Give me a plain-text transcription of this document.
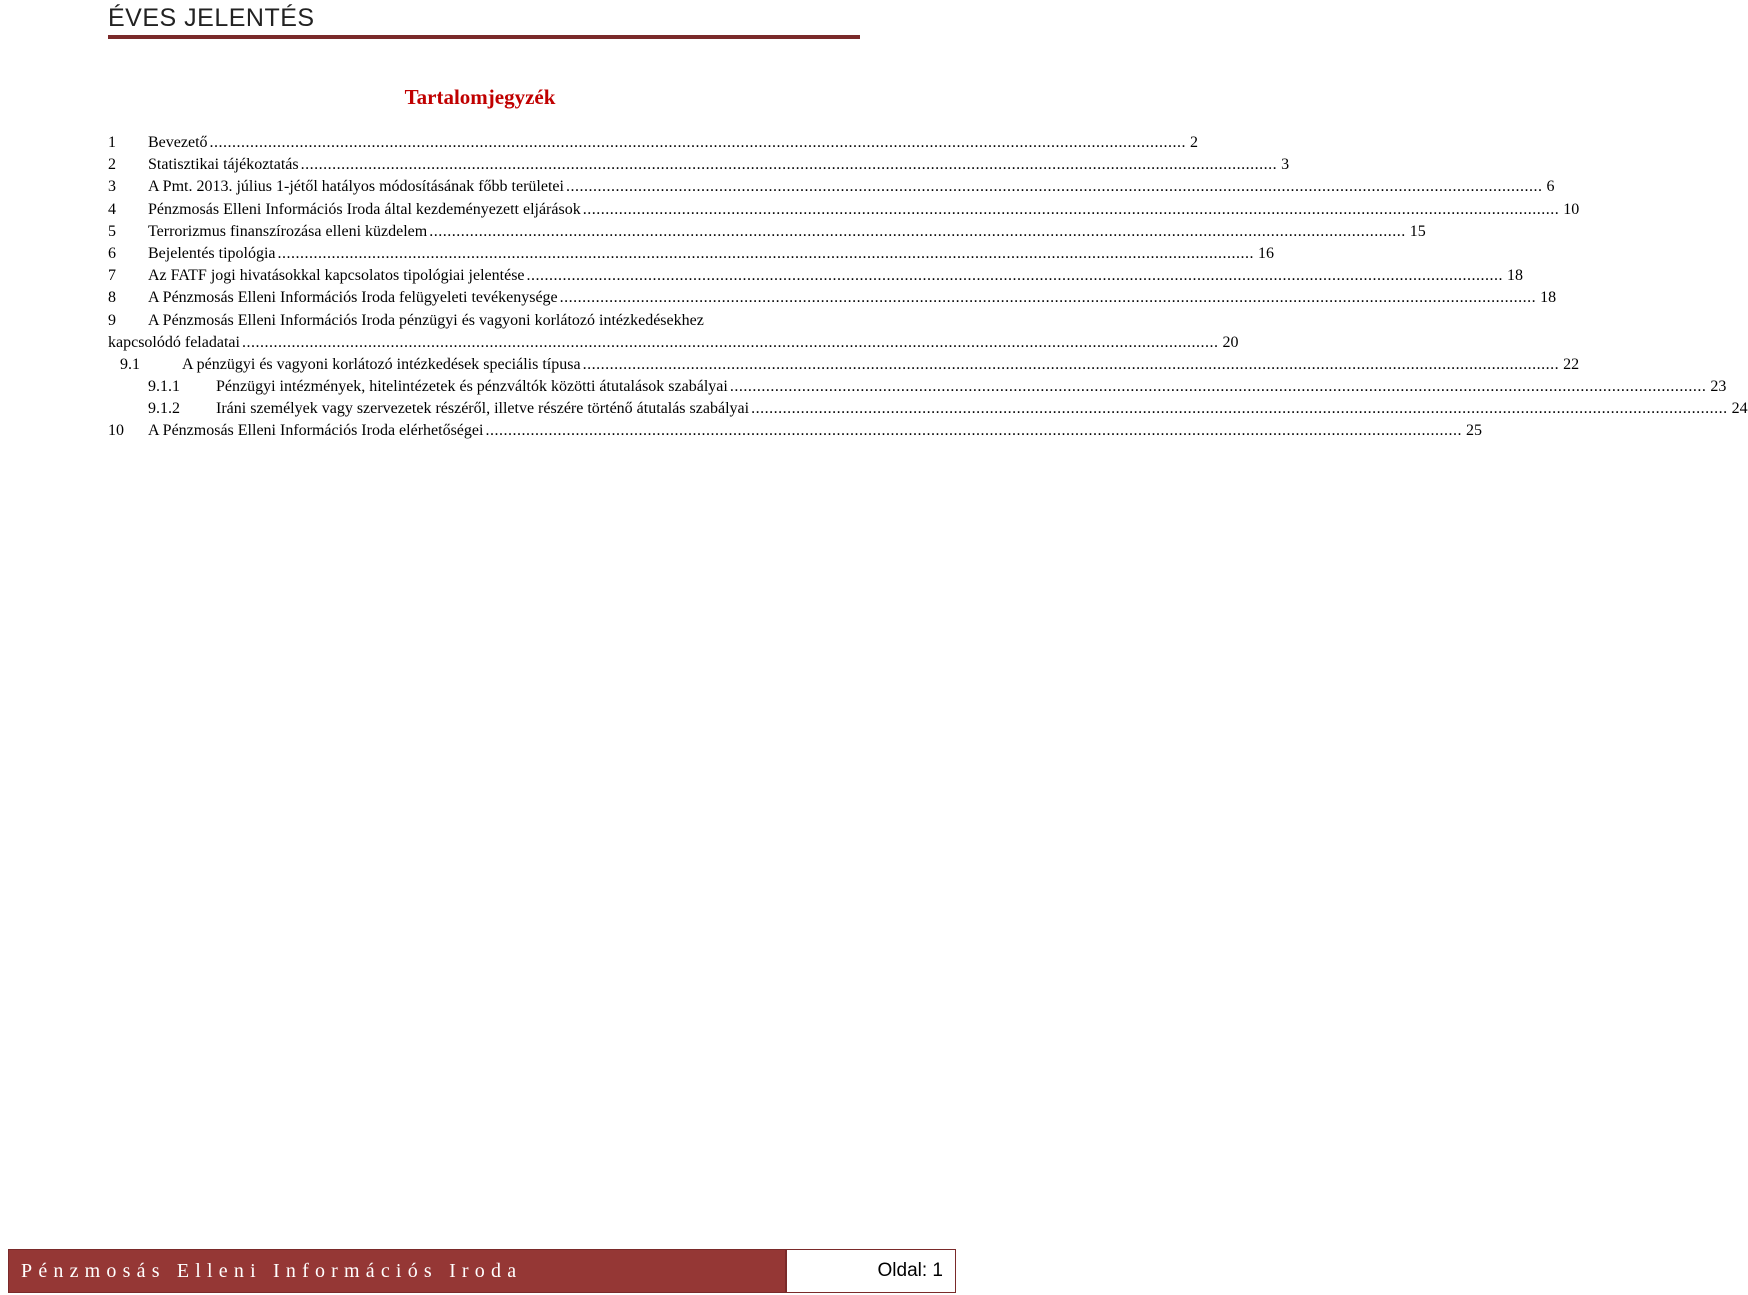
ÉVES JELENTÉS
Tartalomjegyzék
1 Bevezető ......................................................................................................................................................................................................................... 2
2 Statisztikai tájékoztatás ......................................................................................................................................................................................................................... 3
3 A Pmt. 2013. július 1-jétől hatályos módosításának főbb területei ......................................................................................................................................................................................................................... 6
4 Pénzmosás Elleni Információs Iroda által kezdeményezett eljárások ......................................................................................................................................................................................................................... 10
5 Terrorizmus finanszírozása elleni küzdelem ......................................................................................................................................................................................................................... 15
6 Bejelentés tipológia ......................................................................................................................................................................................................................... 16
7 Az FATF jogi hivatásokkal kapcsolatos tipológiai jelentése ......................................................................................................................................................................................................................... 18
8 A Pénzmosás Elleni Információs Iroda felügyeleti tevékenysége ......................................................................................................................................................................................................................... 18
9 A Pénzmosás Elleni Információs Iroda pénzügyi és vagyoni korlátozó intézkedésekhez
kapcsolódó feladatai ......................................................................................................................................................................................................................... 20
9.1	A pénzügyi és vagyoni korlátozó intézkedések speciális típusa ......................................................................................................................................................................................................................... 22
9.1.1 Pénzügyi intézmények, hitelintézetek és pénzváltók közötti átutalások szabályai ......................................................................................................................................................................................................................... 23
9.1.2 Iráni személyek vagy szervezetek részéről, illetve részére történő átutalás szabályai ......................................................................................................................................................................................................................... 24
10 A Pénzmosás Elleni Információs Iroda elérhetőségei ......................................................................................................................................................................................................................... 25
Pénzmosás Elleni Információs Iroda	Oldal: 1
